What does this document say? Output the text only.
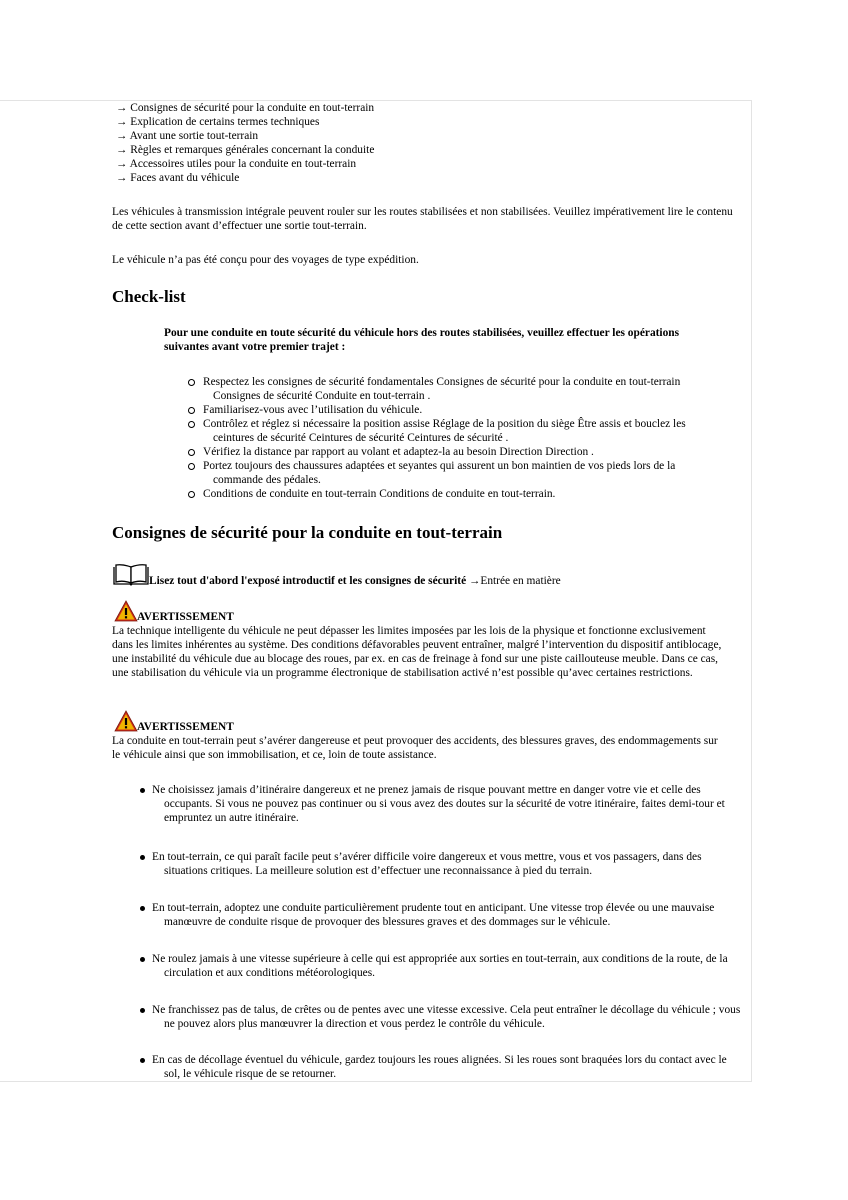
→ Consignes de sécurité pour la conduite en tout-terrain
→ Explication de certains termes techniques
→ Avant une sortie tout-terrain
→ Règles et remarques générales concernant la conduite
→ Accessoires utiles pour la conduite en tout-terrain
→ Faces avant du véhicule

Les véhicules à transmission intégrale peuvent rouler sur les routes stabilisées et non stabilisées. Veuillez impérativement lire le contenu de cette section avant d’effectuer une sortie tout-terrain.

Le véhicule n’a pas été conçu pour des voyages de type expédition.

Check-list

Pour une conduite en toute sécurité du véhicule hors des routes stabilisées, veuillez effectuer les opérations suivantes avant votre premier trajet :

Respectez les consignes de sécurité fondamentales Consignes de sécurité pour la conduite en tout-terrain Consignes de sécurité Conduite en tout-terrain .
Familiarisez-vous avec l’utilisation du véhicule.
Contrôlez et réglez si nécessaire la position assise Réglage de la position du siège Être assis et bouclez les ceintures de sécurité Ceintures de sécurité Ceintures de sécurité .
Vérifiez la distance par rapport au volant et adaptez-la au besoin Direction Direction .
Portez toujours des chaussures adaptées et seyantes qui assurent un bon maintien de vos pieds lors de la commande des pédales.
Conditions de conduite en tout-terrain Conditions de conduite en tout-terrain.
Consignes de sécurité pour la conduite en tout-terrain
Lisez tout d'abord l'exposé introductif et les consignes de sécurité →Entrée en matière
AVERTISSEMENT

La technique intelligente du véhicule ne peut dépasser les limites imposées par les lois de la physique et fonctionne exclusivement dans les limites inhérentes au système. Des conditions défavorables peuvent entraîner, malgré l’intervention du dispositif antiblocage, une instabilité du véhicule due au blocage des roues, par ex. en cas de freinage à fond sur une piste caillouteuse meuble. Dans ce cas, une stabilisation du véhicule via un programme électronique de stabilisation activé n’est possible qu’avec certaines restrictions.

AVERTISSEMENT

La conduite en tout-terrain peut s’avérer dangereuse et peut provoquer des accidents, des blessures graves, des endommagements sur le véhicule ainsi que son immobilisation, et ce, loin de toute assistance.

Ne choisissez jamais d’itinéraire dangereux et ne prenez jamais de risque pouvant mettre en danger votre vie et celle des occupants. Si vous ne pouvez pas continuer ou si vous avez des doutes sur la sécurité de votre itinéraire, faites demi-tour et empruntez un autre itinéraire.
En tout-terrain, ce qui paraît facile peut s’avérer difficile voire dangereux et vous mettre, vous et vos passagers, dans des situations critiques. La meilleure solution est d’effectuer une reconnaissance à pied du terrain.
En tout-terrain, adoptez une conduite particulièrement prudente tout en anticipant. Une vitesse trop élevée ou une mauvaise manœuvre de conduite risque de provoquer des blessures graves et des dommages sur le véhicule.
Ne roulez jamais à une vitesse supérieure à celle qui est appropriée aux sorties en tout-terrain, aux conditions de la route, de la circulation et aux conditions météorologiques.
Ne franchissez pas de talus, de crêtes ou de pentes avec une vitesse excessive. Cela peut entraîner le décollage du véhicule ; vous ne pouvez alors plus manœuvrer la direction et vous perdez le contrôle du véhicule.
En cas de décollage éventuel du véhicule, gardez toujours les roues alignées. Si les roues sont braquées lors du contact avec le sol, le véhicule risque de se retourner.
